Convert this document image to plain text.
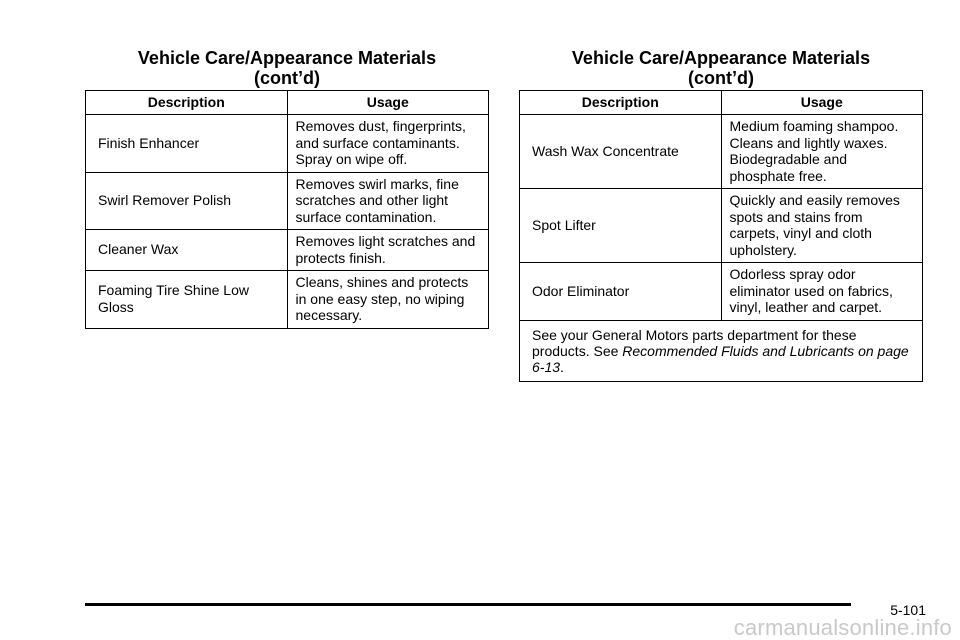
Vehicle Care/Appearance Materials
(cont’d)
Description	Usage
Finish Enhancer	Removes dust, fingerprints, and surface contaminants. Spray on wipe off.
Swirl Remover Polish	Removes swirl marks, fine scratches and other light surface contamination.
Cleaner Wax	Removes light scratches and protects finish.
Foaming Tire Shine Low Gloss	Cleans, shines and protects in one easy step, no wiping necessary.
Vehicle Care/Appearance Materials
(cont’d)
Description	Usage
Wash Wax Concentrate	Medium foaming shampoo. Cleans and lightly waxes. Biodegradable and phosphate free.
Spot Lifter	Quickly and easily removes spots and stains from carpets, vinyl and cloth upholstery.
Odor Eliminator	Odorless spray odor eliminator used on fabrics, vinyl, leather and carpet.
See your General Motors parts department for these products. See Recommended Fluids and Lubricants on page 6-13.	
5-101
carmanualsonline.info
